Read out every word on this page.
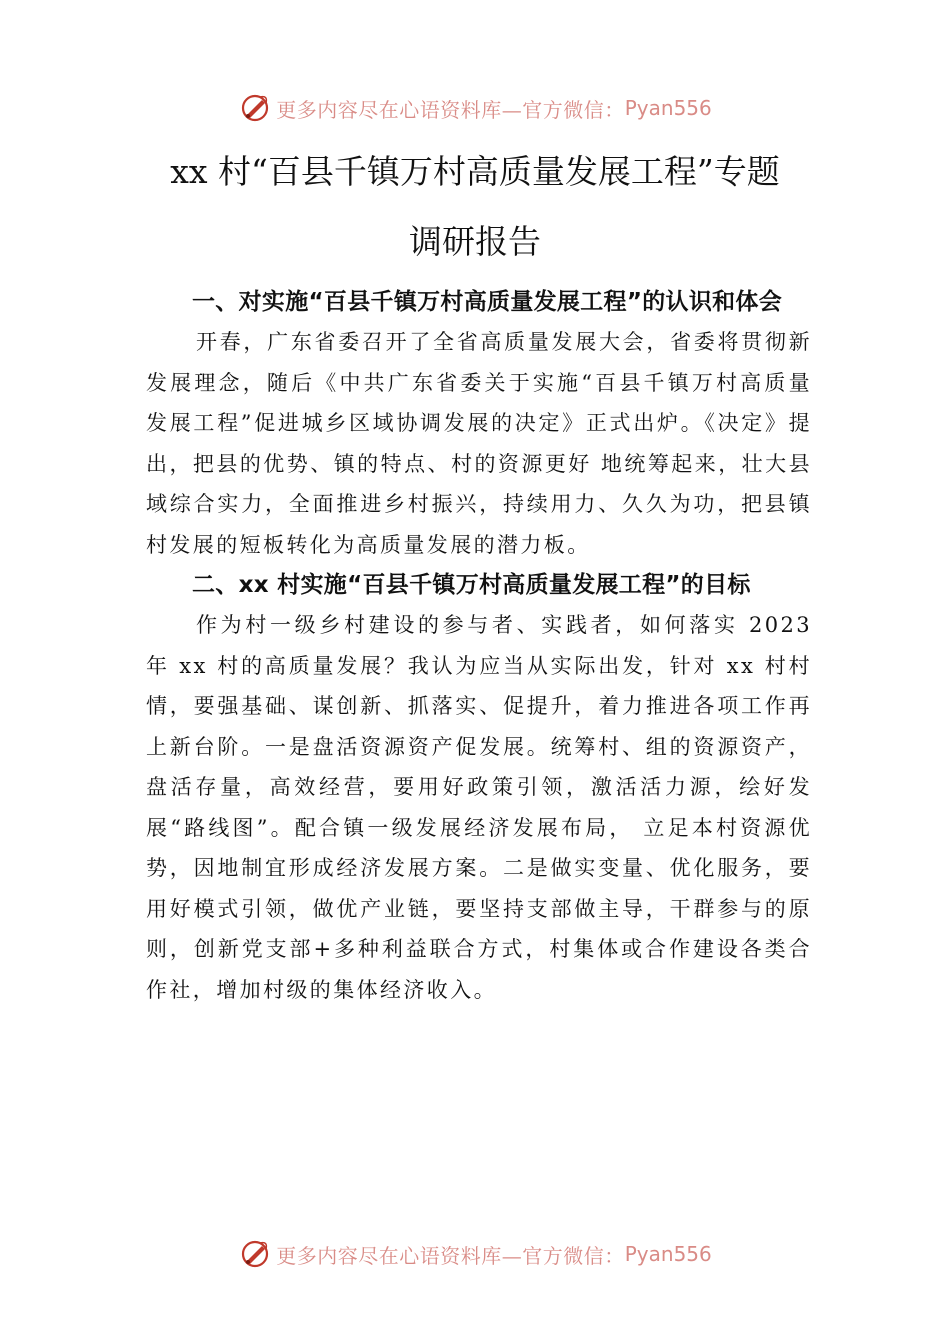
更多内容尽在心语资料库—官方微信： Pyan556
xx 村“百县千镇万村高质量发展工程”专题
调研报告
一、对实施“百县千镇万村高质量发展工程”的认识和体会

开春，广东省委召开了全省高质量发展大会，省委将贯彻新发展理念，随后《中共广东省委关于实施“百县千镇万村高质量发展工程”促进城乡区域协调发展的决定》正式出炉。《决定》提出，把县的优势、镇的特点、村的资源更好 地统筹起来，壮大县域综合实力，全面推进乡村振兴，持续用力、久久为功，把县镇村发展的短板转化为高质量发展的潜力板。

二、xx 村实施“百县千镇万村高质量发展工程”的目标

作为村一级乡村建设的参与者、实践者，如何落实 2023 年 xx 村的高质量发展？我认为应当从实际出发，针对 xx 村村情，要强基础、谋创新、抓落实、促提升，着力推进各项工作再上新台阶。一是盘活资源资产促发展。统筹村、组的资源资产，盘活存量，高效经营，要用好政策引领，激活活力源，绘好发展“路线图”。配合镇一级发展经济发展布局， 立足本村资源优势，因地制宜形成经济发展方案。二是做实变量、优化服务，要用好模式引领，做优产业链，要坚持支部做主导，干群参与的原则，创新党支部+多种利益联合方式，村集体或合作建设各类合作社，增加村级的集体经济收入。

更多内容尽在心语资料库—官方微信： Pyan556
